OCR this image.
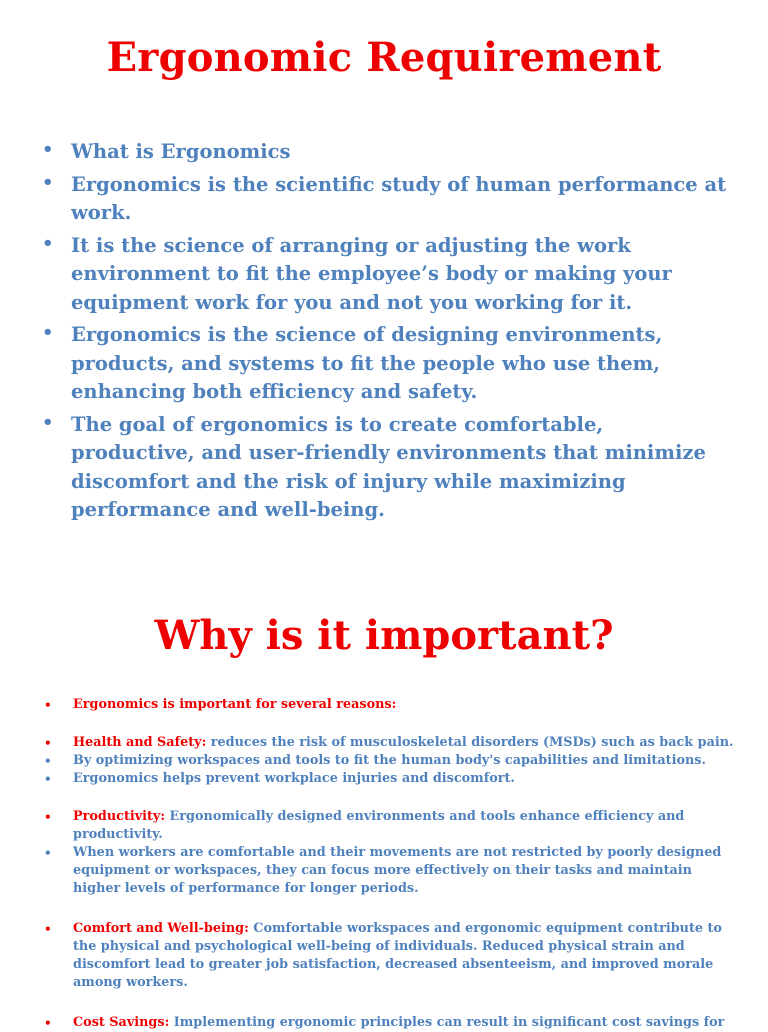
Ergonomic Requirement
• What is Ergonomics
• Ergonomics is the scientific study of human performance at work.
• It is the science of arranging or adjusting the work environment to fit the employee’s body or making your equipment work for you and not you working for it.
• Ergonomics is the science of designing environments, products, and systems to fit the people who use them, enhancing both efficiency and safety.
• The goal of ergonomics is to create comfortable, productive, and user-friendly environments that minimize discomfort and the risk of injury while maximizing performance and well-being.
Why is it important?
• Ergonomics is important for several reasons:
• Health and Safety: reduces the risk of musculoskeletal disorders (MSDs) such as back pain.
• By optimizing workspaces and tools to fit the human body's capabilities and limitations.
• Ergonomics helps prevent workplace injuries and discomfort.
• Productivity: Ergonomically designed environments and tools enhance efficiency and productivity.
• When workers are comfortable and their movements are not restricted by poorly designed equipment or workspaces, they can focus more effectively on their tasks and maintain higher levels of performance for longer periods.
• Comfort and Well-being: Comfortable workspaces and ergonomic equipment contribute to the physical and psychological well-being of individuals. Reduced physical strain and discomfort lead to greater job satisfaction, decreased absenteeism, and improved morale among workers.
• Cost Savings: Implementing ergonomic principles can result in significant cost savings for
